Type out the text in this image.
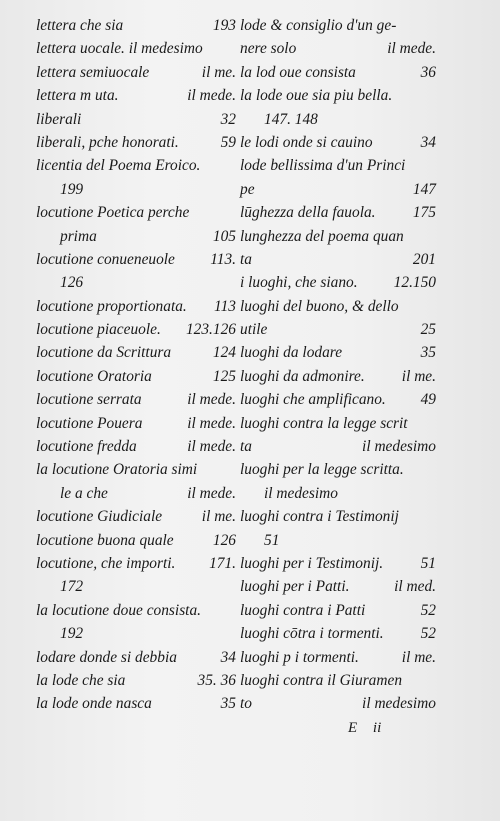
lettera che sia	193
lettera uocale. il medesimo
lettera semiuocale	il me.
lettera m uta.	il mede.
liberali	32
liberali, pche honorati.	59
licentia del Poema Eroico.
199
locutione Poetica perche
prima	105
locutione conueneuole 113.
126
locutione proportionata. 113
locutione piaceuole. 123.126
locutione da Scrittura	124
locutione Oratoria	125
locutione serrata	il mede.
locutione Pouera	il mede.
locutione fredda	il mede.
la locutione Oratoria simi
le a che	il mede.
locutione Giudiciale	il me.
locutione buona quale	126
locutione, che importi. 171.
172
la locutione doue consista.
192
lodare donde si debbia	34
la lode che sia	35. 36
la lode onde nasca	35
lode & consiglio d'un ge-
nere solo	il mede.
la lod oue consista	36
la lode oue sia piu bella.
147. 148
le lodi onde si cauino	34
lode bellissima d'un Princi
pe	147
lūghezza della fauola. 175
lunghezza del poema quan
ta	201
i luoghi, che siano. 12.150
luoghi del buono, & dello
utile	25
luoghi da lodare	35
luoghi da admonire. il me.
luoghi che amplificano. 49
luoghi contra la legge scrit
ta	il medesimo
luoghi per la legge scritta.
il medesimo
luoghi contra i Testimonij
51
luoghi per i Testimonij. 51
luoghi per i Patti.	il med.
luoghi contra i Patti	52
luoghi cōtra i tormenti. 52
luoghi p i tormenti.	il me.
luoghi contra il Giuramen
to	il medesimo
E ii
